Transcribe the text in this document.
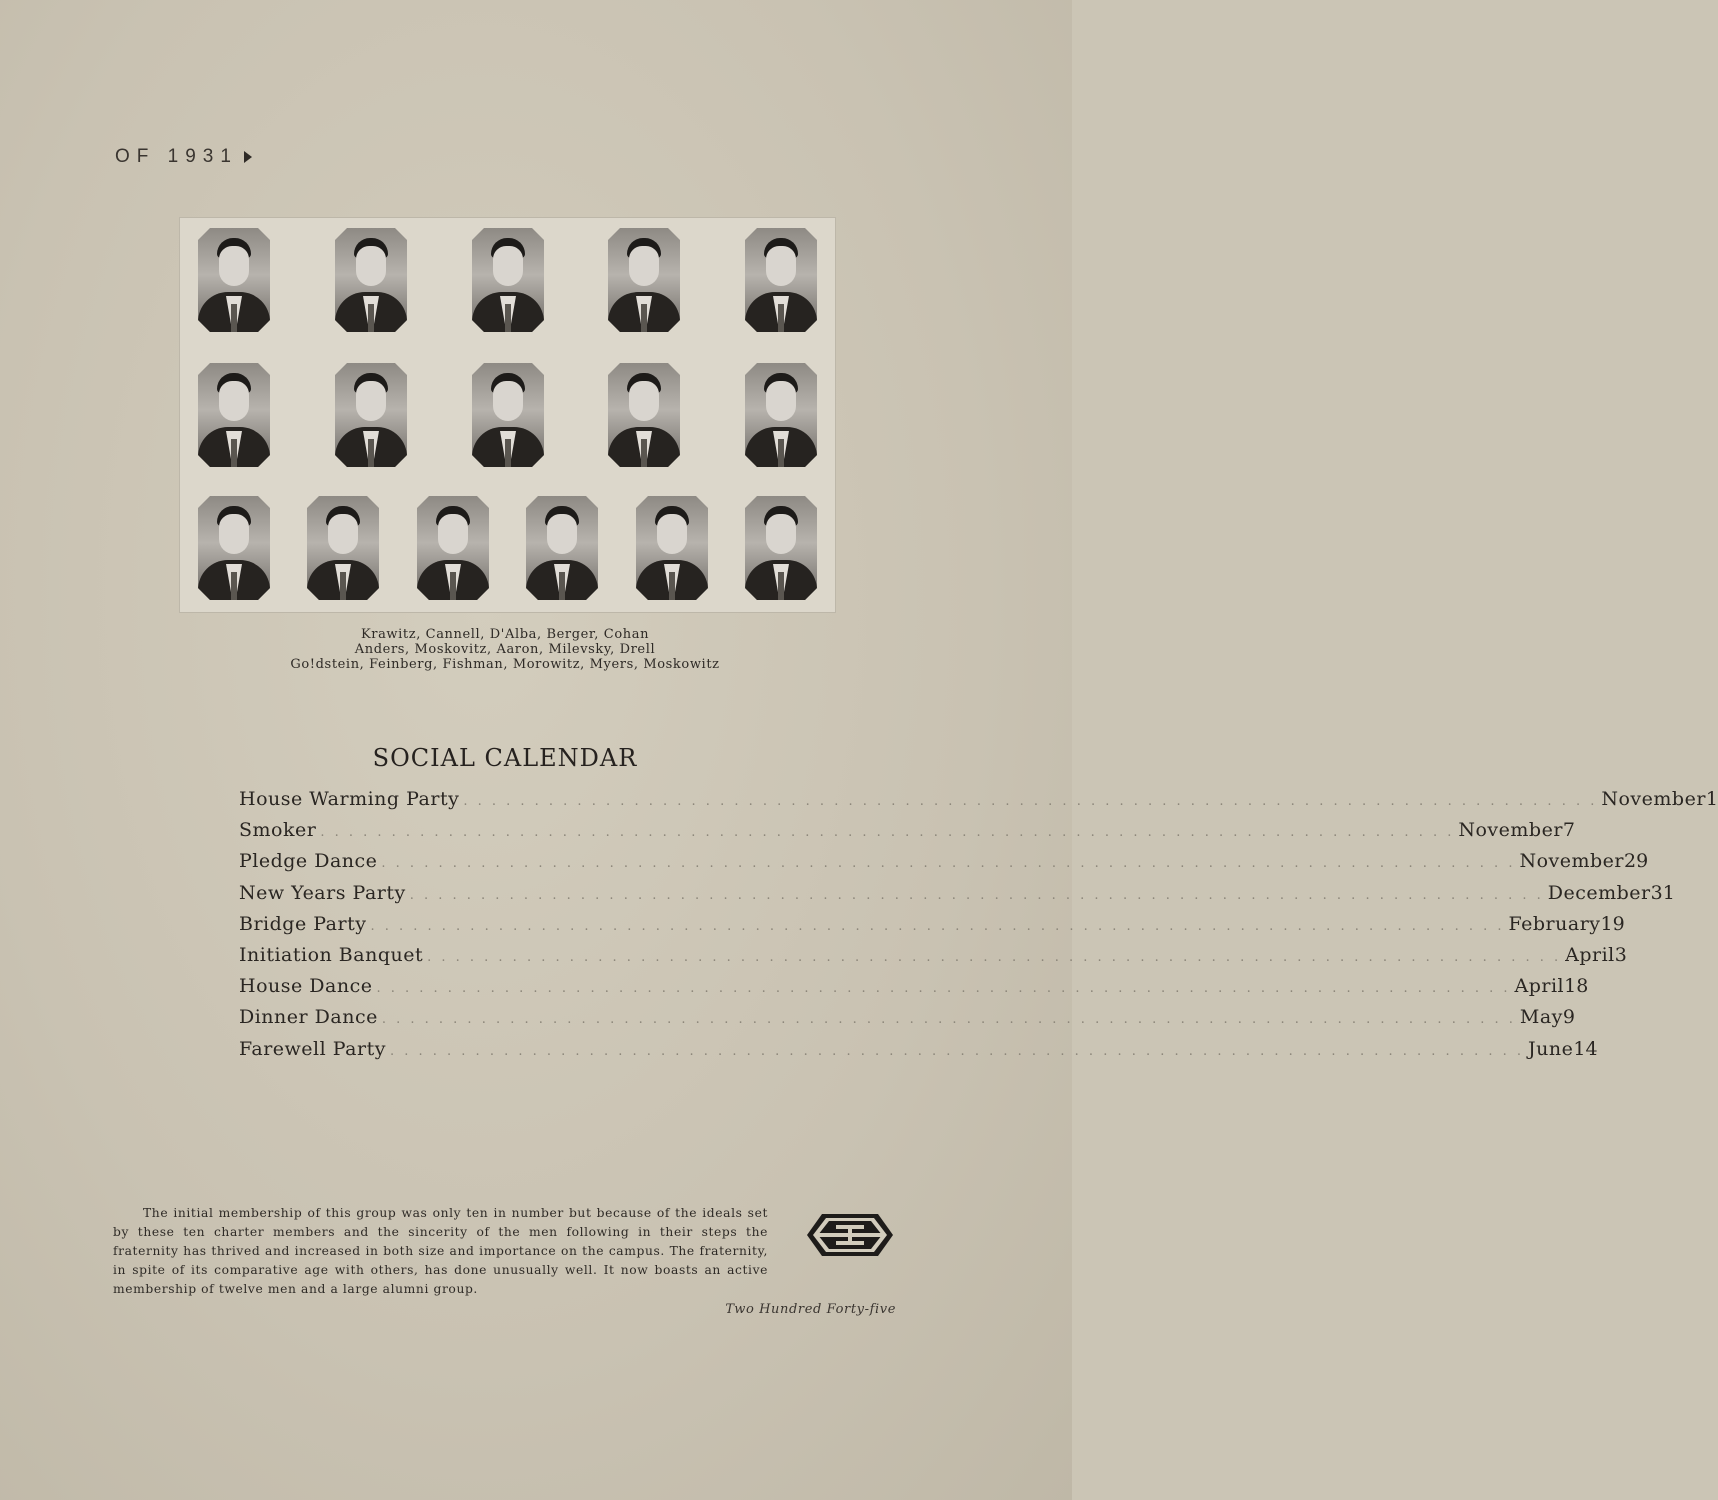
OF 1931
Krawitz, Cannell, D'Alba, Berger, Cohan
Anders, Moskovitz, Aaron, Milevsky, Drell
Go!dstein, Feinberg, Fishman, Morowitz, Myers, Moskowitz
SOCIAL CALENDAR
House Warming Party . . . . . . . . . . . . . . . . . . . . . . . . . . . . . . . . . . . . . . . . . . . . . . . . . . . . . . . . . . . . . . . . . . . . . . . . . . . . . . . . November 1
Smoker . . . . . . . . . . . . . . . . . . . . . . . . . . . . . . . . . . . . . . . . . . . . . . . . . . . . . . . . . . . . . . . . . . . . . . . . . . . . . . . . November 7
Pledge Dance . . . . . . . . . . . . . . . . . . . . . . . . . . . . . . . . . . . . . . . . . . . . . . . . . . . . . . . . . . . . . . . . . . . . . . . . . . . . . . . . November 29
New Years Party . . . . . . . . . . . . . . . . . . . . . . . . . . . . . . . . . . . . . . . . . . . . . . . . . . . . . . . . . . . . . . . . . . . . . . . . . . . . . . . . December 31
Bridge Party . . . . . . . . . . . . . . . . . . . . . . . . . . . . . . . . . . . . . . . . . . . . . . . . . . . . . . . . . . . . . . . . . . . . . . . . . . . . . . . . February 19
Initiation Banquet . . . . . . . . . . . . . . . . . . . . . . . . . . . . . . . . . . . . . . . . . . . . . . . . . . . . . . . . . . . . . . . . . . . . . . . . . . . . . . . . April 3
House Dance . . . . . . . . . . . . . . . . . . . . . . . . . . . . . . . . . . . . . . . . . . . . . . . . . . . . . . . . . . . . . . . . . . . . . . . . . . . . . . . . April 18
Dinner Dance . . . . . . . . . . . . . . . . . . . . . . . . . . . . . . . . . . . . . . . . . . . . . . . . . . . . . . . . . . . . . . . . . . . . . . . . . . . . . . . . May 9
Farewell Party . . . . . . . . . . . . . . . . . . . . . . . . . . . . . . . . . . . . . . . . . . . . . . . . . . . . . . . . . . . . . . . . . . . . . . . . . . . . . . . . June 14

The initial membership of this group was only ten in number but because of the ideals set by these ten charter members and the sincerity of the men following in their steps the fraternity has thrived and increased in both size and importance on the campus. The fraternity, in spite of its comparative age with others, has done unusually well. It now boasts an active membership of twelve men and a large alumni group.

Two Hundred Forty-five
